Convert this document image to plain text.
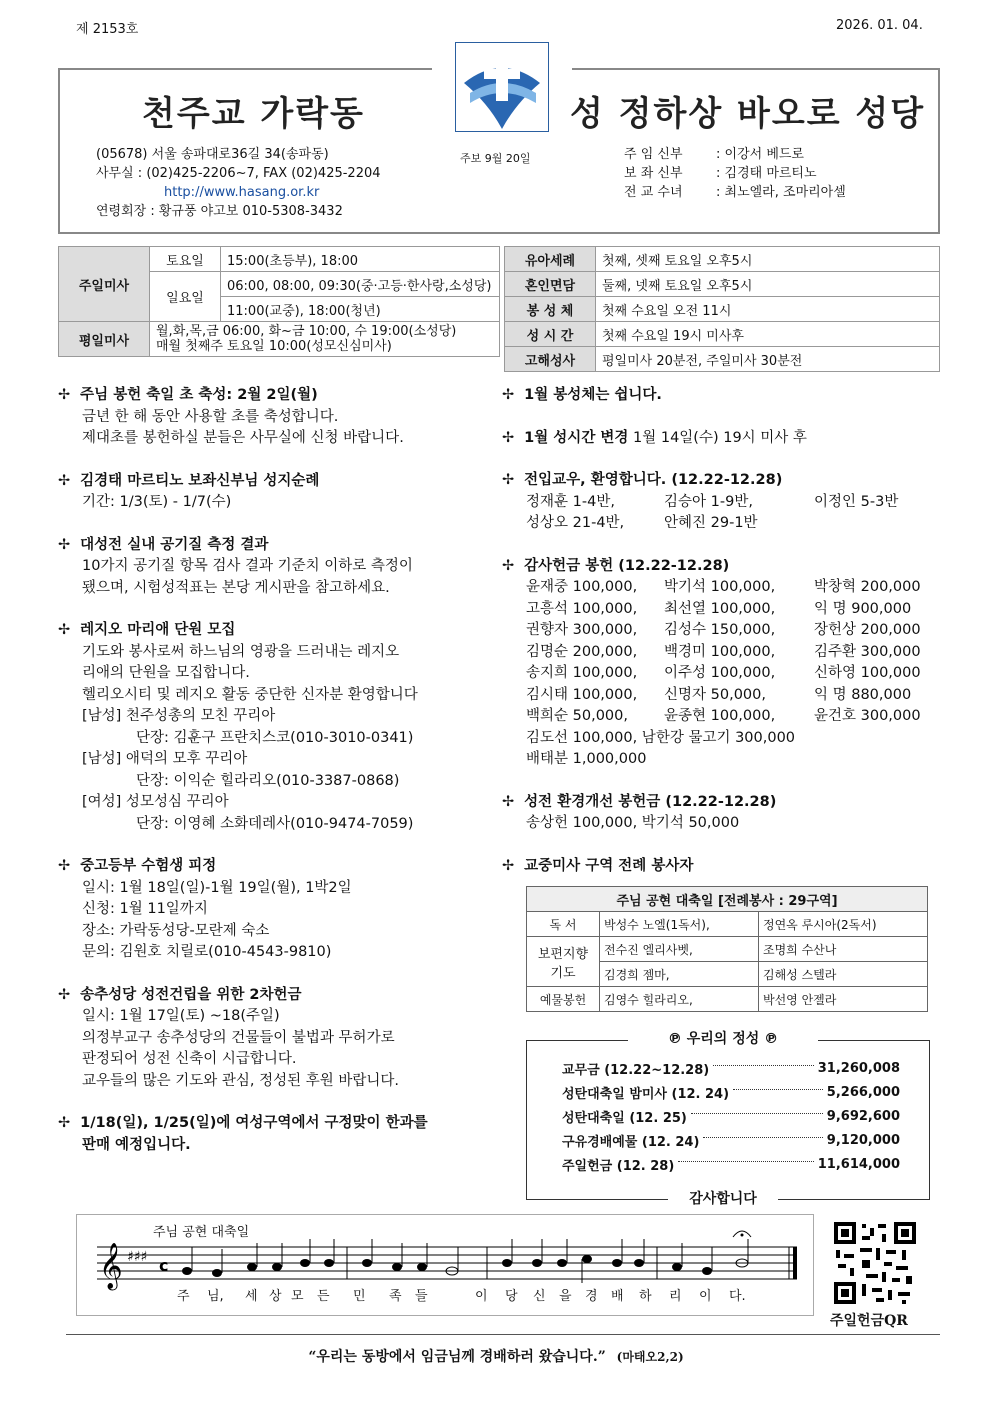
제 2153호	2026. 01. 04.
천주교 가락동	성 정하상 바오로 성당
(05678) 서울 송파대로36길 34(송파동)
사무실 : (02)425-2206~7, FAX (02)425-2204
http://www.hasang.or.kr
연령회장 : 황규풍 야고보 010-5308-3432
주보 9월 20일	주 임 신부	: 이강서 베드로
보 좌 신부	: 김경태 마르티노
전 교 수녀	: 최노엘라, 조마리아셀
주일미사	토요일	15:00(초등부), 18:00
	일요일	06:00, 08:00, 09:30(중·고등·한사랑,소성당)
		11:00(교중), 18:00(청년)
평일미사	월,화,목,금 06:00, 화~금 10:00, 수 19:00(소성당)
매월 첫째주 토요일 10:00(성모신심미사)	
유아세례	첫째, 셋째 토요일 오후5시
혼인면담	둘째, 넷째 토요일 오후5시
봉 성 체	첫째 수요일 오전 11시
성 시 간	첫째 수요일 19시 미사후
고해성사	평일미사 20분전, 주일미사 30분전
✢ 주님 봉헌 축일 초 축성: 2월 2일(월)
금년 한 해 동안 사용할 초를 축성합니다.
제대초를 봉헌하실 분들은 사무실에 신청 바랍니다.
✢ 김경태 마르티노 보좌신부님 성지순례
기간: 1/3(토) - 1/7(수)
✢ 대성전 실내 공기질 측정 결과
10가지 공기질 항목 검사 결과 기준치 이하로 측정이
됐으며, 시험성적표는 본당 게시판을 참고하세요.
✢ 레지오 마리애 단원 모집
기도와 봉사로써 하느님의 영광을 드러내는 레지오
리애의 단원을 모집합니다.
헬리오시티 및 레지오 활동 중단한 신자분 환영합니다
[남성] 천주성총의 모친 꾸리아
단장: 김훈구 프란치스코(010-3010-0341)
[남성] 애덕의 모후 꾸리아
단장: 이익순 힐라리오(010-3387-0868)
[여성] 성모성심 꾸리아
단장: 이영혜 소화데레사(010-9474-7059)
✢ 중고등부 수험생 피정
일시: 1월 18일(일)-1월 19일(월), 1박2일
신청: 1월 11일까지
장소: 가락동성당-모란제 숙소
문의: 김원호 치릴로(010-4543-9810)
✢ 송추성당 성전건립을 위한 2차헌금
일시: 1월 17일(토) ~18(주일)
의정부교구 송추성당의 건물들이 불법과 무허가로
판정되어 성전 신축이 시급합니다.
교우들의 많은 기도와 관심, 정성된 후원 바랍니다.
✢ 1/18(일), 1/25(일)에 여성구역에서 구정맞이 한과를
판매 예정입니다.
✢ 1월 봉성체는 쉽니다.
✢ 1월 성시간 변경 1월 14일(수) 19시 미사 후
✢ 전입교우, 환영합니다. (12.22-12.28)
정재훈 1-4반,	김승아 1-9반,	이정인 5-3반
성상오 21-4반,	안혜진 29-1반
✢ 감사헌금 봉헌 (12.22-12.28)
윤재중 100,000,	박기석 100,000,	박창혁 200,000
고흥석 100,000,	최선열 100,000,	익 명 900,000
권향자 300,000,	김성수 150,000,	장헌상 200,000
김명순 200,000,	백경미 100,000,	김주환 300,000
송지희 100,000,	이주성 100,000,	신하영 100,000
김시태 100,000,	신명자 50,000,	익 명 880,000
백희순 50,000,	윤종현 100,000,	윤건호 300,000
김도선 100,000, 남한강 물고기 300,000
배태분 1,000,000
✢ 성전 환경개선 봉헌금 (12.22-12.28)
송상헌 100,000, 박기석 50,000
✢ 교중미사 구역 전례 봉사자
주님 공현 대축일 [전례봉사 : 29구역]		
독 서	박성수 노엘(1독서),	정연옥 루시아(2독서)
보편지향 기도	전수진 엘리사벳,	조명희 수산나
	김경희 젬마,	김해성 스텔라
예물봉헌	김영수 힐라리오,	박선영 안젤라
℗ 우리의 정성 ℗
교무금 (12.22~12.28)	31,260,008
성탄대축일 밤미사 (12. 24)	5,266,000
성탄대축일 (12. 25)	9,692,600
구유경배예물 (12. 24)	9,120,000
주일헌금 (12. 28)	11,614,000
감사합니다
주님 공현 대축일
𝄞 ♯♯♯ c
주	님,	세 상 모	든	민	족	들	이	당	신	을	경	배	하	리	이	다.
주일헌금QR
“우리는 동방에서 임금님께 경배하러 왔습니다.” (마태오2,2)
